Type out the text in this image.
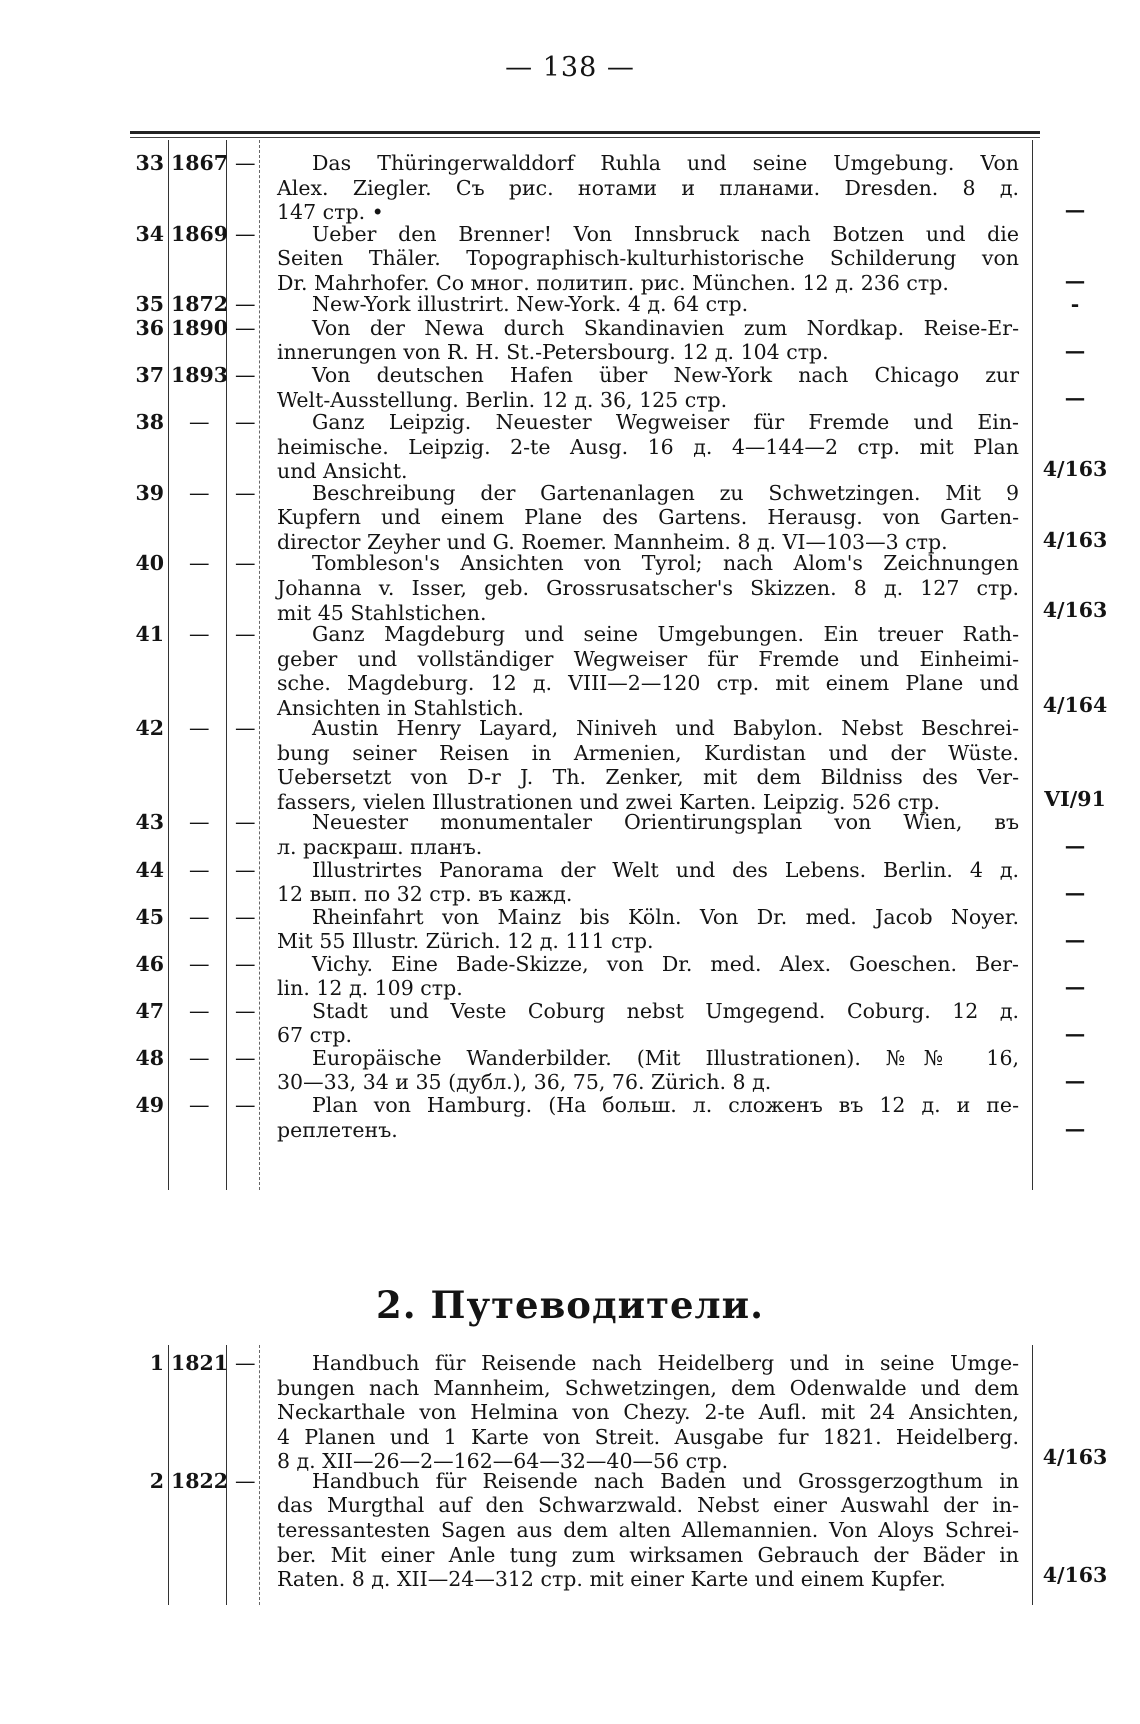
— 138 —
33 1867 —	Das Thüringerwalddorf Ruhla und seine Umgebung. Von
Alex. Ziegler. Съ рис. нотами и планами. Dresden. 8 д.
147 стр. •	—
34 1869 —	Ueber den Brenner! Von Innsbruck nach Botzen und die
Seiten Thäler. Topographisch-kulturhistorische Schilderung von
Dr. Mahrhofer. Со мног. политип. рис. München. 12 д. 236 стр.	—
35 1872 —	New-York illustrirt. New-York. 4 д. 64 стр.	-
36 1890 —	Von der Newa durch Skandinavien zum Nordkap. Reise-Er-
innerungen von R. H. St.-Petersbourg. 12 д. 104 стр.	—
37 1893 —	Von deutschen Hafen über New-York nach Chicago zur
Welt-Ausstellung. Berlin. 12 д. 36, 125 стр.	—
38 — —	Ganz Leipzig. Neuester Wegweiser für Fremde und Ein-
heimische. Leipzig. 2-te Ausg. 16 д. 4—144—2 стр. mit Plan
und Ansicht.	4/163
39 — —	Beschreibung der Gartenanlagen zu Schwetzingen. Mit 9
Kupfern und einem Plane des Gartens. Herausg. von Garten-
director Zeyher und G. Roemer. Mannheim. 8 д. VI—103—3 стр.	4/163
40 — —	Tombleson's Ansichten von Tyrol; nach Alom's Zeichnungen
Johanna v. Isser, geb. Grossrusatscher's Skizzen. 8 д. 127 стр.
mit 45 Stahlstichen.	4/163
41 — —	Ganz Magdeburg und seine Umgebungen. Ein treuer Rath-
geber und vollständiger Wegweiser für Fremde und Einheimi-
sche. Magdeburg. 12 д. VIII—2—120 стр. mit einem Plane und
Ansichten in Stahlstich.	4/164
42 — —	Austin Henry Layard, Niniveh und Babylon. Nebst Beschrei-
bung seiner Reisen in Armenien, Kurdistan und der Wüste.
Uebersetzt von D-r J. Th. Zenker, mit dem Bildniss des Ver-
fassers, vielen Illustrationen und zwei Karten. Leipzig. 526 стр.	VI/91
43 — —	Neuester monumentaler Orientirungsplan von Wien, въ
л. раскраш. планъ.	—
44 — —	Illustrirtes Panorama der Welt und des Lebens. Berlin. 4 д.
12 вып. по 32 стр. въ кажд.	—
45 — —	Rheinfahrt von Mainz bis Köln. Von Dr. med. Jacob Noyer.
Mit 55 Illustr. Zürich. 12 д. 111 стр.	—
46 — —	Vichy. Eine Bade-Skizze, von Dr. med. Alex. Goeschen. Ber-
lin. 12 д. 109 стр.	—
47 — —	Stadt und Veste Coburg nebst Umgegend. Coburg. 12 д.
67 стр.	—
48 — —	Europäische Wanderbilder. (Mit Illustrationen). №№ 16,
30—33, 34 и 35 (дубл.), 36, 75, 76. Zürich. 8 д.	—
49 — —	Plan von Hamburg. (На больш. л. сложенъ въ 12 д. и пе-
реплетенъ.	—
2. Путеводители.
1 1821 —	Handbuch für Reisende nach Heidelberg und in seine Umge-
bungen nach Mannheim, Schwetzingen, dem Odenwalde und dem
Neckarthale von Helmina von Chezy. 2-te Aufl. mit 24 Ansichten,
4 Planen und 1 Karte von Streit. Ausgabe fur 1821. Heidelberg.
8 д. XII—26—2—162—64—32—40—56 стр.	4/163
2 1822 —	Handbuch für Reisende nach Baden und Grossgerzogthum in
das Murgthal auf den Schwarzwald. Nebst einer Auswahl der in-
teressantesten Sagen aus dem alten Allemannien. Von Aloys Schrei-
ber. Mit einer Anle tung zum wirksamen Gebrauch der Bäder in
Raten. 8 д. XII—24—312 стр. mit einer Karte und einem Kupfer.	4/163
